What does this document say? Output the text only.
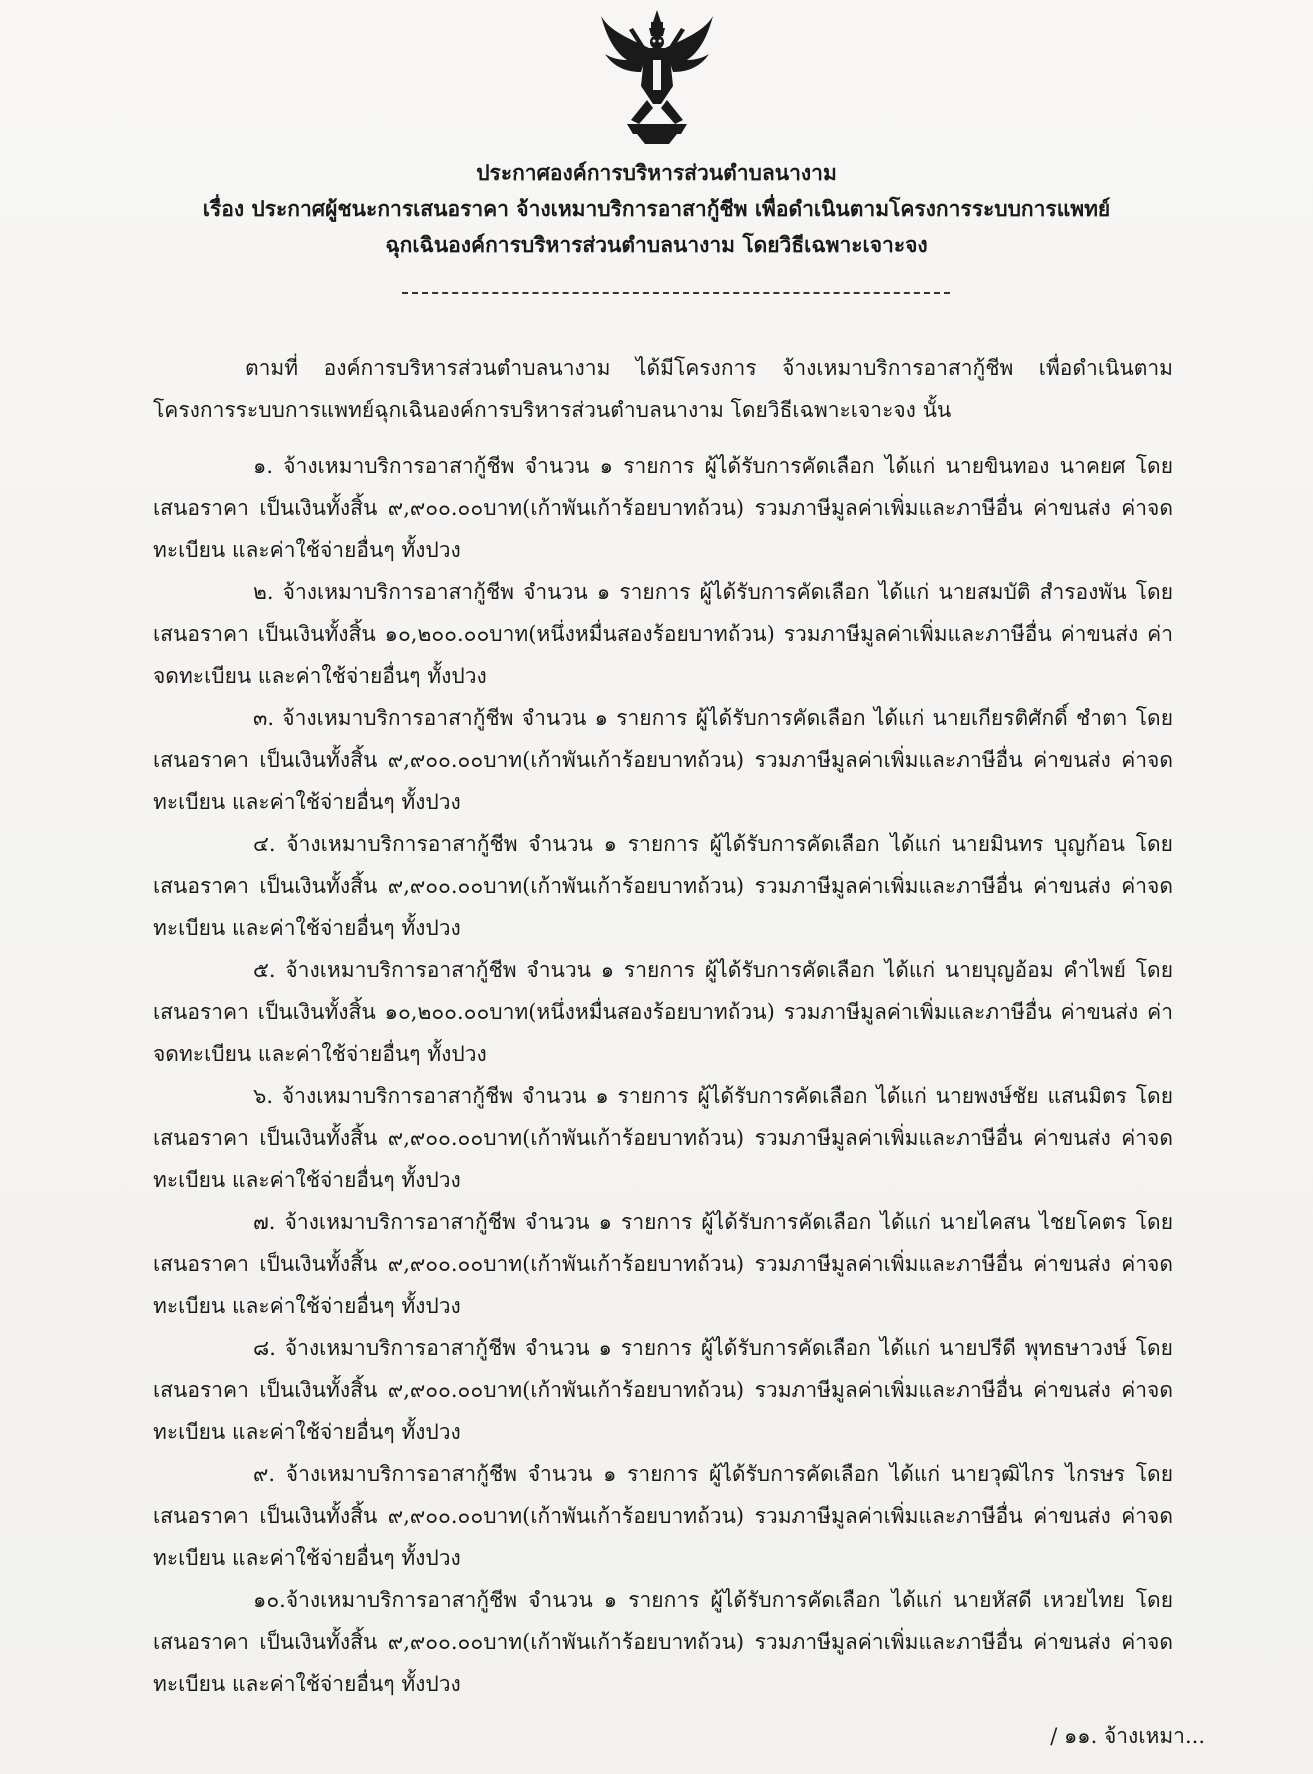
ประกาศองค์การบริหารส่วนตำบลนางาม
เรื่อง ประกาศผู้ชนะการเสนอราคา จ้างเหมาบริการอาสากู้ชีพ เพื่อดำเนินตามโครงการระบบการแพทย์
ฉุกเฉินองค์การบริหารส่วนตำบลนางาม โดยวิธีเฉพาะเจาะจง

ตามที่ องค์การบริหารส่วนตำบลนางาม ได้มีโครงการ จ้างเหมาบริการอาสากู้ชีพ เพื่อดำเนินตาม โครงการระบบการแพทย์ฉุกเฉินองค์การบริหารส่วนตำบลนางาม โดยวิธีเฉพาะเจาะจง นั้น

๑. จ้างเหมาบริการอาสากู้ชีพ จำนวน ๑ รายการ ผู้ได้รับการคัดเลือก ได้แก่ นายขินทอง นาคยศ โดยเสนอราคา เป็นเงินทั้งสิ้น ๙,๙๐๐.๐๐บาท(เก้าพันเก้าร้อยบาทถ้วน) รวมภาษีมูลค่าเพิ่มและภาษีอื่น ค่าขนส่ง ค่าจดทะเบียน และค่าใช้จ่ายอื่นๆ ทั้งปวง

๒. จ้างเหมาบริการอาสากู้ชีพ จำนวน ๑ รายการ ผู้ได้รับการคัดเลือก ได้แก่ นายสมบัติ สำรองพัน โดยเสนอราคา เป็นเงินทั้งสิ้น ๑๐,๒๐๐.๐๐บาท(หนึ่งหมื่นสองร้อยบาทถ้วน) รวมภาษีมูลค่าเพิ่มและภาษีอื่น ค่าขนส่ง ค่าจดทะเบียน และค่าใช้จ่ายอื่นๆ ทั้งปวง

๓. จ้างเหมาบริการอาสากู้ชีพ จำนวน ๑ รายการ ผู้ได้รับการคัดเลือก ได้แก่ นายเกียรติศักดิ์ ชำตา โดยเสนอราคา เป็นเงินทั้งสิ้น ๙,๙๐๐.๐๐บาท(เก้าพันเก้าร้อยบาทถ้วน) รวมภาษีมูลค่าเพิ่มและภาษีอื่น ค่าขนส่ง ค่าจดทะเบียน และค่าใช้จ่ายอื่นๆ ทั้งปวง

๔. จ้างเหมาบริการอาสากู้ชีพ จำนวน ๑ รายการ ผู้ได้รับการคัดเลือก ได้แก่ นายมินทร บุญก้อน โดยเสนอราคา เป็นเงินทั้งสิ้น ๙,๙๐๐.๐๐บาท(เก้าพันเก้าร้อยบาทถ้วน) รวมภาษีมูลค่าเพิ่มและภาษีอื่น ค่าขนส่ง ค่าจดทะเบียน และค่าใช้จ่ายอื่นๆ ทั้งปวง

๕. จ้างเหมาบริการอาสากู้ชีพ จำนวน ๑ รายการ ผู้ได้รับการคัดเลือก ได้แก่ นายบุญอ้อม คำไพย์ โดยเสนอราคา เป็นเงินทั้งสิ้น ๑๐,๒๐๐.๐๐บาท(หนึ่งหมื่นสองร้อยบาทถ้วน) รวมภาษีมูลค่าเพิ่มและภาษีอื่น ค่าขนส่ง ค่าจดทะเบียน และค่าใช้จ่ายอื่นๆ ทั้งปวง

๖. จ้างเหมาบริการอาสากู้ชีพ จำนวน ๑ รายการ ผู้ได้รับการคัดเลือก ได้แก่ นายพงษ์ชัย แสนมิตร โดยเสนอราคา เป็นเงินทั้งสิ้น ๙,๙๐๐.๐๐บาท(เก้าพันเก้าร้อยบาทถ้วน) รวมภาษีมูลค่าเพิ่มและภาษีอื่น ค่าขนส่ง ค่าจดทะเบียน และค่าใช้จ่ายอื่นๆ ทั้งปวง

๗. จ้างเหมาบริการอาสากู้ชีพ จำนวน ๑ รายการ ผู้ได้รับการคัดเลือก ได้แก่ นายไคสน ไชยโคตร โดยเสนอราคา เป็นเงินทั้งสิ้น ๙,๙๐๐.๐๐บาท(เก้าพันเก้าร้อยบาทถ้วน) รวมภาษีมูลค่าเพิ่มและภาษีอื่น ค่าขนส่ง ค่าจดทะเบียน และค่าใช้จ่ายอื่นๆ ทั้งปวง

๘. จ้างเหมาบริการอาสากู้ชีพ จำนวน ๑ รายการ ผู้ได้รับการคัดเลือก ได้แก่ นายปรีดี พุทธษาวงษ์ โดยเสนอราคา เป็นเงินทั้งสิ้น ๙,๙๐๐.๐๐บาท(เก้าพันเก้าร้อยบาทถ้วน) รวมภาษีมูลค่าเพิ่มและภาษีอื่น ค่าขนส่ง ค่าจดทะเบียน และค่าใช้จ่ายอื่นๆ ทั้งปวง

๙. จ้างเหมาบริการอาสากู้ชีพ จำนวน ๑ รายการ ผู้ได้รับการคัดเลือก ได้แก่ นายวุฒิไกร ไกรษร โดยเสนอราคา เป็นเงินทั้งสิ้น ๙,๙๐๐.๐๐บาท(เก้าพันเก้าร้อยบาทถ้วน) รวมภาษีมูลค่าเพิ่มและภาษีอื่น ค่าขนส่ง ค่าจดทะเบียน และค่าใช้จ่ายอื่นๆ ทั้งปวง

๑๐.จ้างเหมาบริการอาสากู้ชีพ จำนวน ๑ รายการ ผู้ได้รับการคัดเลือก ได้แก่ นายหัสดี เหวยไทย โดยเสนอราคา เป็นเงินทั้งสิ้น ๙,๙๐๐.๐๐บาท(เก้าพันเก้าร้อยบาทถ้วน) รวมภาษีมูลค่าเพิ่มและภาษีอื่น ค่าขนส่ง ค่าจดทะเบียน และค่าใช้จ่ายอื่นๆ ทั้งปวง

/ ๑๑. จ้างเหมา...
